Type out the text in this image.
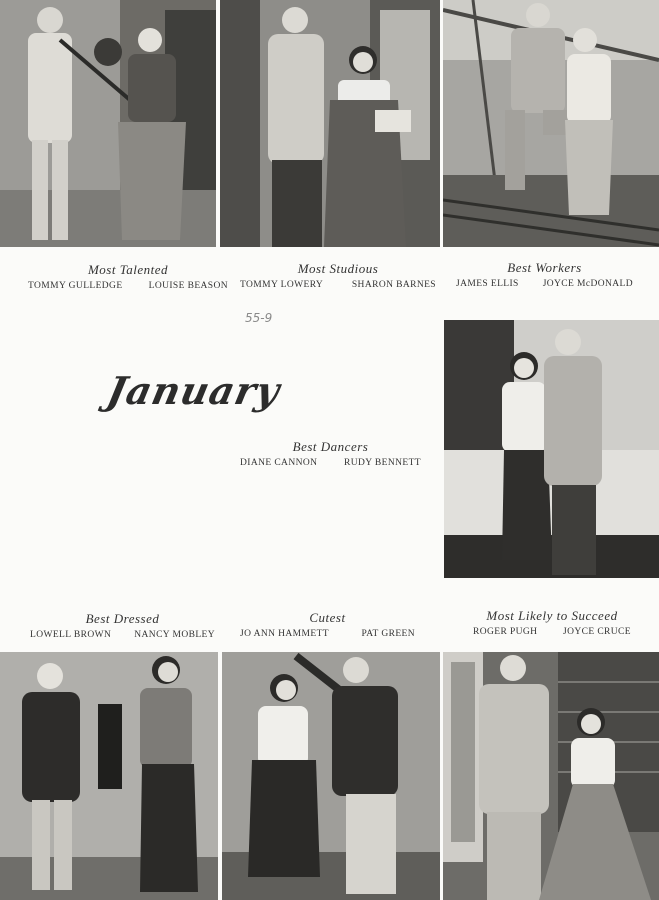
Most Talented
TOMMY GULLEDGE	LOUISE BEASON
Most Studious
TOMMY LOWERY	SHARON BARNES
Best Workers
JAMES ELLIS	JOYCE McDONALD
55-9
January
Best Dancers
DIANE CANNON	RUDY BENNETT
Best Dressed
LOWELL BROWN NANCY MOBLEY
Cutest
JO ANN HAMMETT	PAT GREEN
Most Likely to Succeed
ROGER PUGH	JOYCE CRUCE
